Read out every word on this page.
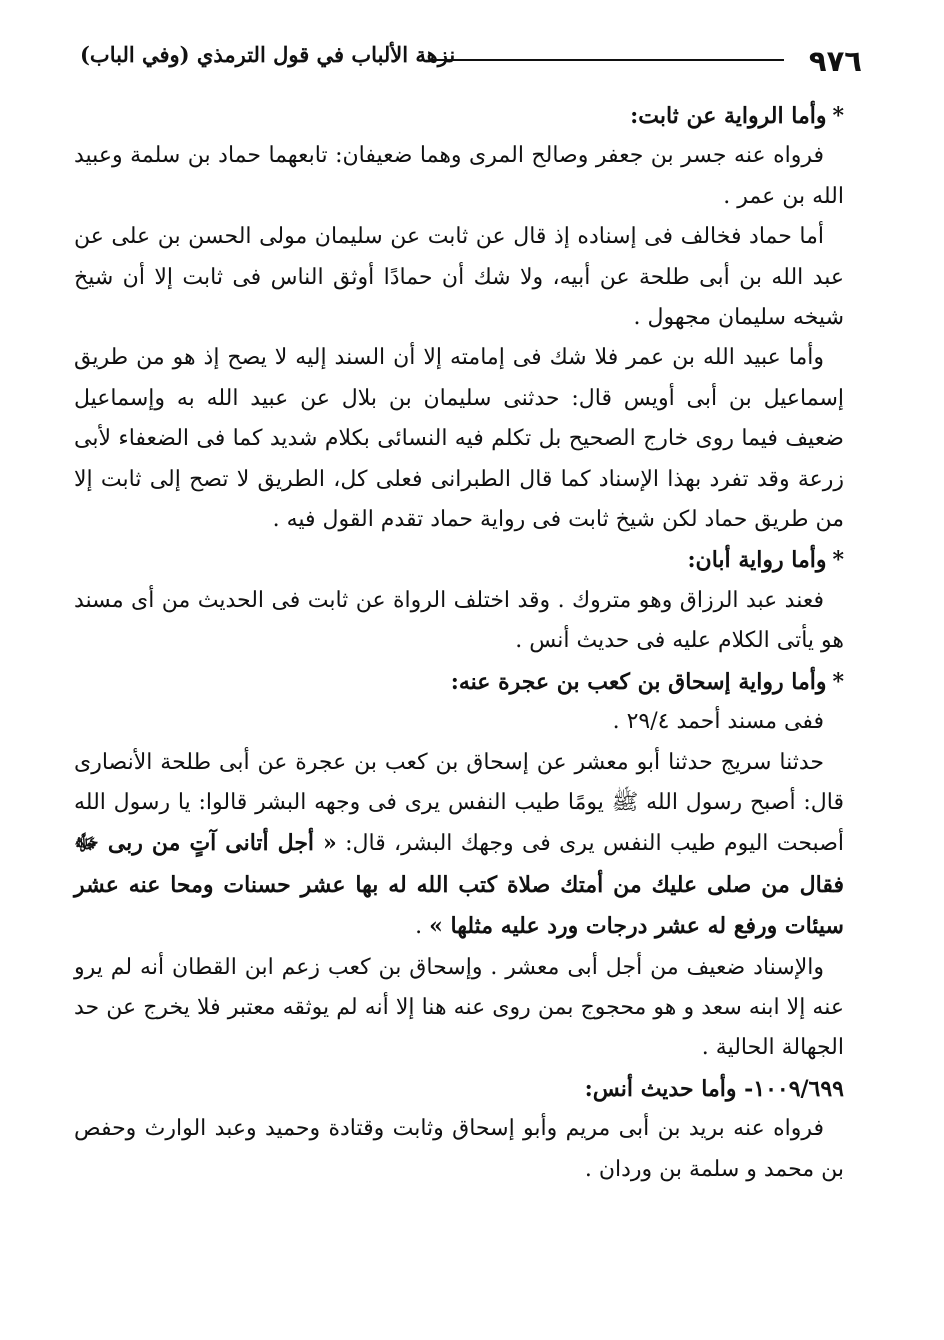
٩٧٦
نزهة الألباب في قول الترمذي (وفي الباب)

*وأما الرواية عن ثابت:

فرواه عنه جسر بن جعفر وصالح المرى وهما ضعيفان: تابعهما حماد بن سلمة وعبيد الله بن عمر .

أما حماد فخالف فى إسناده إذ قال عن ثابت عن سليمان مولى الحسن بن على عن عبد الله بن أبى طلحة عن أبيه، ولا شك أن حمادًا أوثق الناس فى ثابت إلا أن شيخ شيخه سليمان مجهول .

وأما عبيد الله بن عمر فلا شك فى إمامته إلا أن السند إليه لا يصح إذ هو من طريق إسماعيل بن أبى أويس قال: حدثنى سليمان بن بلال عن عبيد الله به وإسماعيل ضعيف فيما روى خارج الصحيح بل تكلم فيه النسائى بكلام شديد كما فى الضعفاء لأبى زرعة وقد تفرد بهذا الإسناد كما قال الطبرانى فعلى كل، الطريق لا تصح إلى ثابت إلا من طريق حماد لكن شيخ ثابت فى رواية حماد تقدم القول فيه .

*وأما رواية أبان:

فعند عبد الرزاق وهو متروك . وقد اختلف الرواة عن ثابت فى الحديث من أى مسند هو يأتى الكلام عليه فى حديث أنس .

*وأما رواية إسحاق بن كعب بن عجرة عنه:

ففى مسند أحمد ٢٩/٤ .

حدثنا سريج حدثنا أبو معشر عن إسحاق بن كعب بن عجرة عن أبى طلحة الأنصارى قال: أصبح رسول الله ﷺ يومًا طيب النفس يرى فى وجهه البشر قالوا: يا رسول الله أصبحت اليوم طيب النفس يرى فى وجهك البشر، قال: « أجل أتانى آتٍ من ربى ﷻ فقال من صلى عليك من أمتك صلاة كتب الله له بها عشر حسنات ومحا عنه عشر سيئات ورفع له عشر درجات ورد عليه مثلها » .

والإسناد ضعيف من أجل أبى معشر . وإسحاق بن كعب زعم ابن القطان أنه لم يرو عنه إلا ابنه سعد و هو محجوج بمن روى عنه هنا إلا أنه لم يوثقه معتبر فلا يخرج عن حد الجهالة الحالية .

١٠٠٩/٦٩٩- وأما حديث أنس:

فرواه عنه بريد بن أبى مريم وأبو إسحاق وثابت وقتادة وحميد وعبد الوارث وحفص بن محمد و سلمة بن وردان .
